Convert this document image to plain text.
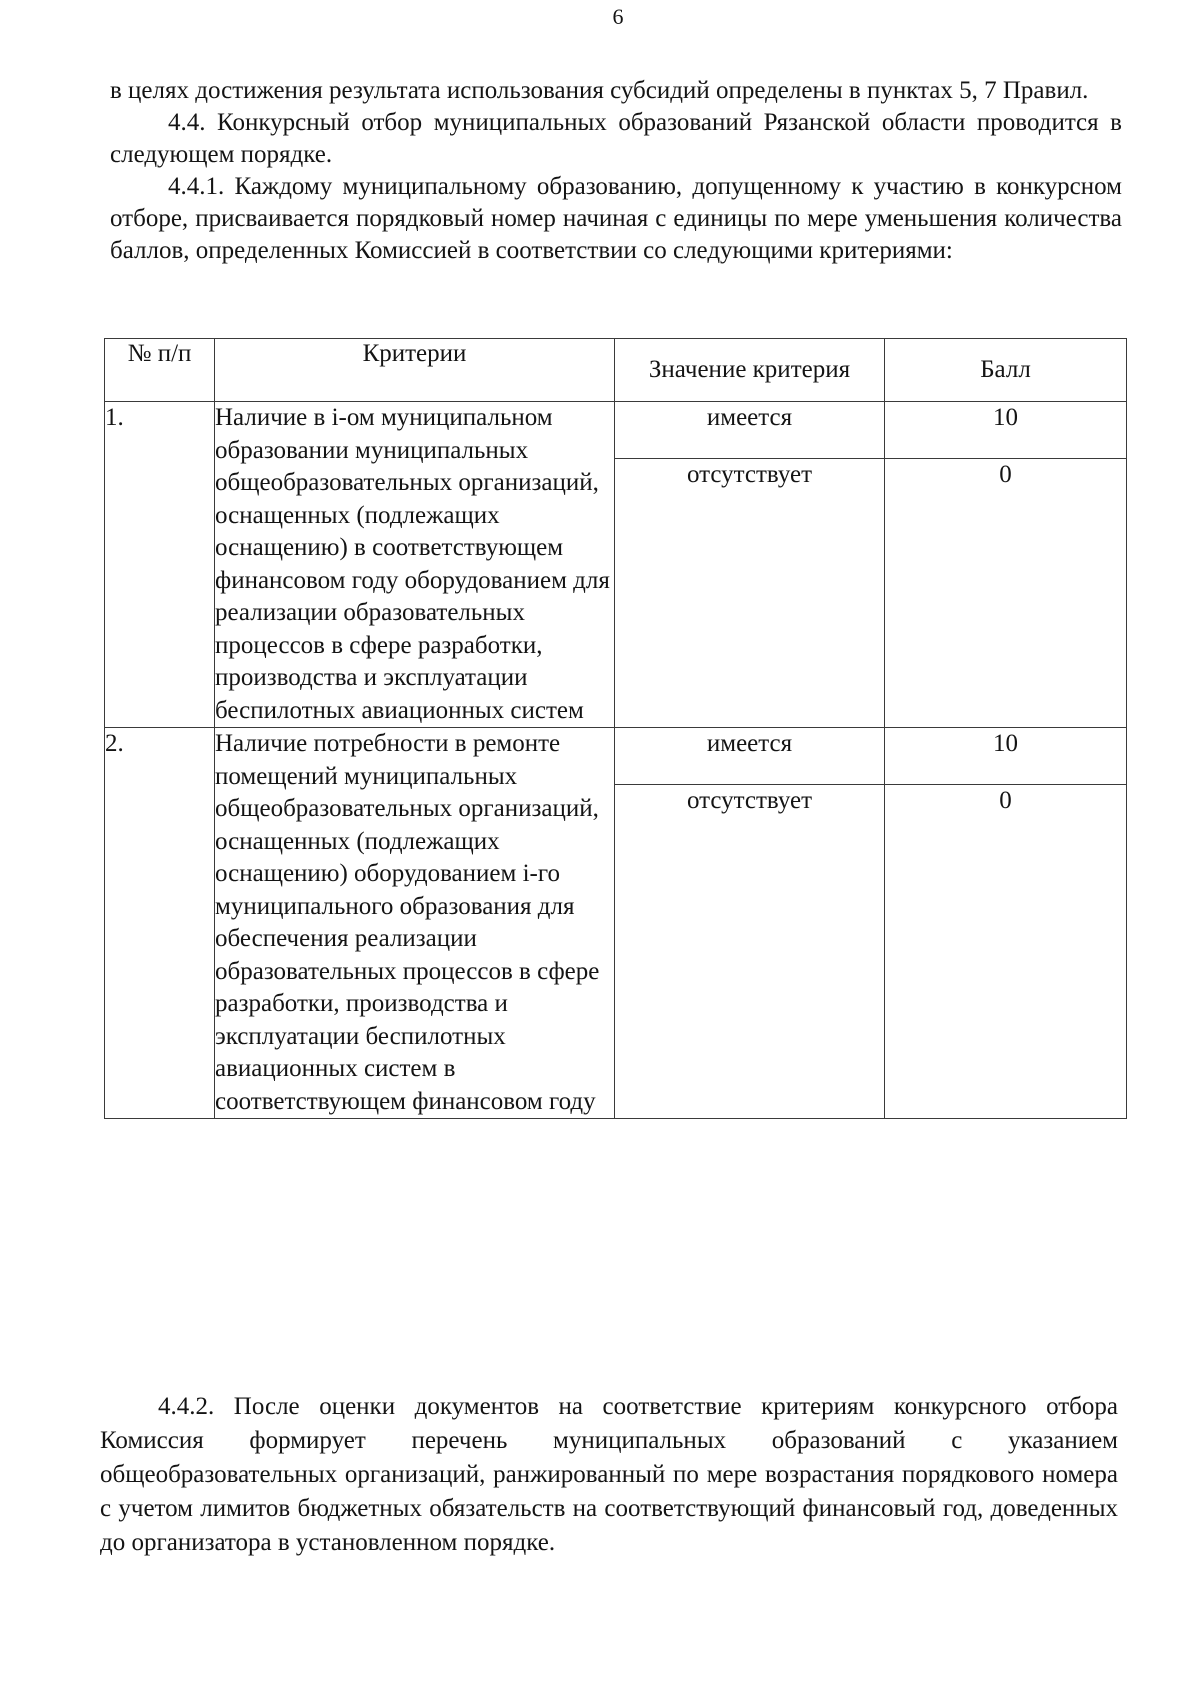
6

в целях достижения результата использования субсидий определены в пунктах 5, 7 Правил.

4.4. Конкурсный отбор муниципальных образований Рязанской области проводится в следующем порядке.

4.4.1. Каждому муниципальному образованию, допущенному к участию в конкурсном отборе, присваивается порядковый номер начиная с единицы по мере уменьшения количества баллов, определенных Комиссией в соответствии со следующими критериями:

№ п/п	Критерии	Значение критерия	Балл
1.	Наличие в i-ом муниципальном образовании муниципальных общеобразовательных организаций, оснащенных (подлежащих оснащению) в соответствующем финансовом году оборудованием для реализации образовательных процессов в сфере разработки, производства и эксплуатации беспилотных авиационных систем	имеется	10
		отсутствует	0
2.	Наличие потребности в ремонте помещений муниципальных общеобразовательных организаций, оснащенных (подлежащих оснащению) оборудованием i-го муниципального образования для обеспечения реализации образовательных процессов в сфере разработки, производства и эксплуатации беспилотных авиационных систем в соответствующем финансовом году	имеется	10
		отсутствует	0

4.4.2. После оценки документов на соответствие критериям конкурсного отбора Комиссия формирует перечень муниципальных образований с указанием общеобразовательных организаций, ранжированный по мере возрастания порядкового номера с учетом лимитов бюджетных обязательств на соответствующий финансовый год, доведенных до организатора в установленном порядке.
